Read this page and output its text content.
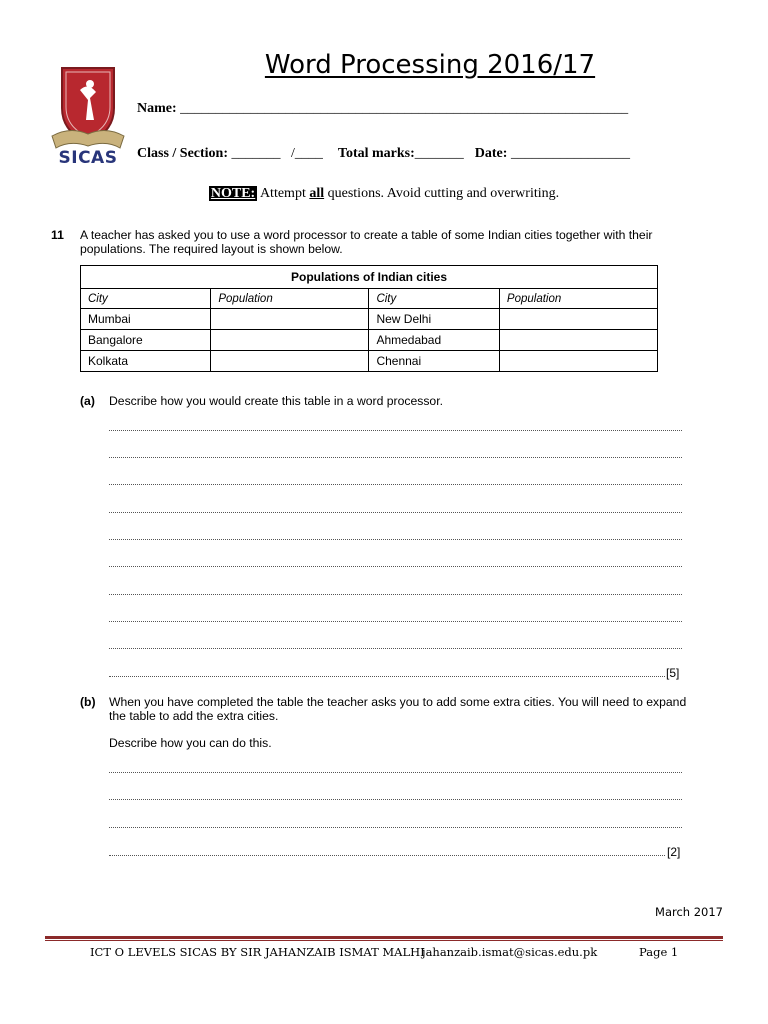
Word Processing 2016/17
SICAS
Name: ________________________________________________________________
Class / Section: _______   /____ Total marks:_______ Date: _________________
NOTE: Attempt all questions. Avoid cutting and overwriting.
11 A teacher has asked you to use a word processor to create a table of some Indian cities together with their populations. The required layout is shown below.
Populations of Indian cities			
City	Population	City	Population
Mumbai		New Delhi	
Bangalore		Ahmedabad	
Kolkata		Chennai	
(a) Describe how you would create this table in a word processor.
[5]
(b) When you have completed the table the teacher asks you to add some extra cities. You will need to expand the table to add the extra cities.
Describe how you can do this.
[2]
March 2017
ICT O LEVELS SICAS BY SIR JAHANZAIB ISMAT MALHI
jahanzaib.ismat@sicas.edu.pk	Page 1
